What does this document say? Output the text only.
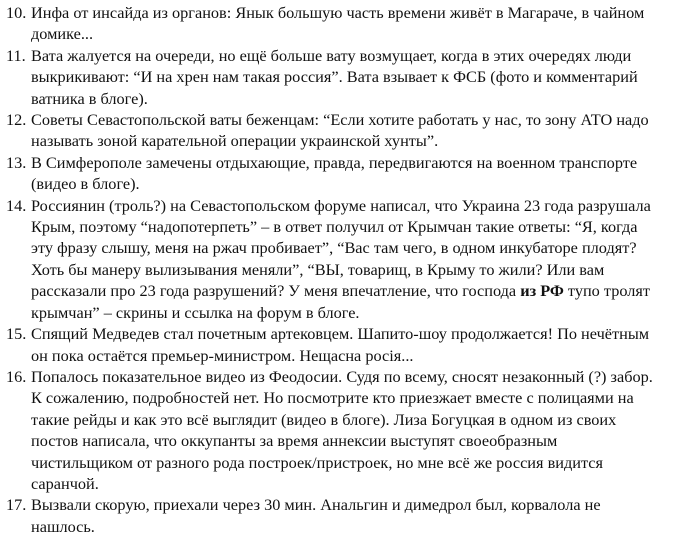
10. Инфа от инсайда из органов: Янык большую часть времени живёт в Магараче, в чайном домике...
11. Вата жалуется на очереди, но ещё больше вату возмущает, когда в этих очередях люди выкрикивают: “И на хрен нам такая россия”. Вата взывает к ФСБ (фото и комментарий ватника в блоге).
12. Советы Севастопольской ваты беженцам: “Если хотите работать у нас, то зону АТО надо называть зоной карательной операции украинской хунты”.
13. В Симферополе замечены отдыхающие, правда, передвигаются на военном транспорте (видео в блоге).
14. Россиянин (троль?) на Севастопольском форуме написал, что Украина 23 года разрушала Крым, поэтому “надопотерпеть” – в ответ получил от Крымчан такие ответы: “Я, когда эту фразу слышу, меня на ржач пробивает”, “Вас там чего, в одном инкубаторе плодят? Хоть бы манеру вылизывания меняли”, “ВЫ, товарищ, в Крыму то жили? Или вам рассказали про 23 года разрушений? У меня впечатление, что господа из РФ тупо тролят крымчан” – скрины и ссылка на форум в блоге.
15. Спящий Медведев стал почетным артековцем. Шапито-шоу продолжается! По нечётным он пока остаётся премьер-министром. Нещасна росія...
16. Попалось показательное видео из Феодосии. Судя по всему, сносят незаконный (?) забор. К сожалению, подробностей нет. Но посмотрите кто приезжает вместе с полицаями на такие рейды и как это всё выглядит (видео в блоге). Лиза Богуцкая в одном из своих постов написала, что оккупанты за время аннексии выступят своеобразным чистильщиком от разного рода построек/пристроек, но мне всё же россия видится саранчой.
17. Вызвали скорую, приехали через 30 мин. Анальгин и димедрол был, корвалола не нашлось.
